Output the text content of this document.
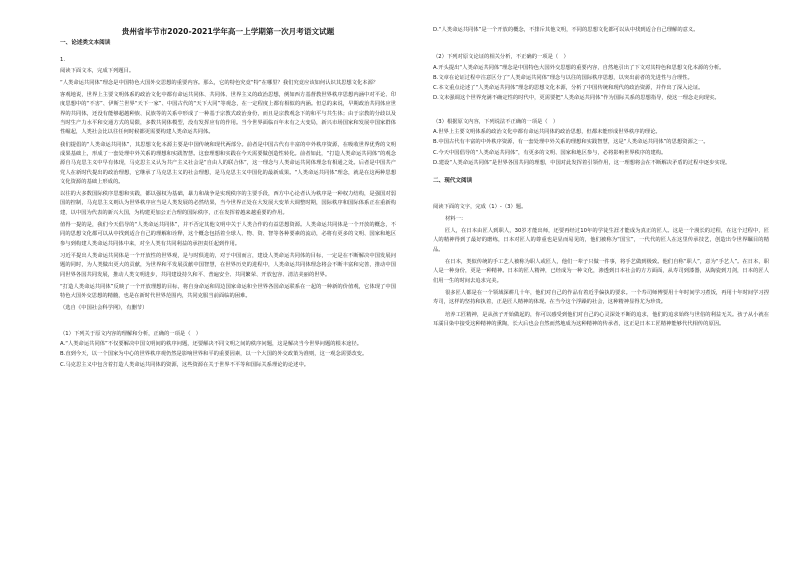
贵州省毕节市2020-2021学年高一上学期第一次月考语文试题
一、论述类文本阅读
1.
阅读下面文本，完成下列题目。
“人类命运共同体”理念是中国特色大国外交思想的重要内容。那么，它的特色究竟“特”在哪里？我们究竟应该如何认识其思想文化本源？
客观地说，世界上主要文明体系的政治文化中都有命运共同体、共同体、世界主义的政治思想，例如西方基督教世界秩序思想内涵中对平论、印度思想中的“不害”、伊斯兰世界“天下一家”、中国古代的“天下大同”等观念，在一定程度上都有相似的内涵。但总的来说，早期政治共同体应世界的共同体，还没有能够超越种族、民族等的关系中形成了一种基于宗教式政治身份，而且是宗教观念下的和平与共生体；由于宗教的分歧以及当时生产力水平和交通方式的局限，多数共同体模型，没有发挥应有的作用。当今世界面临百年未有之大变局，新兴市场国家和发展中国家群体性崛起，人类社会比以往任何时候都更需要构建人类命运共同体。
我们提倡的“人类命运共同体”，其思想文化本源主要是中国传统和现代两部分。前者是中国古代有丰富的中外秩序资源，在吸收世界优秀的文明成果基础上，形成了一套处理中外关系的理想和实践智慧。这套理想和实践在今天需要做创造性转化。前者如此，“打造人类命运共同体”的观念源自马克思主义中早有体现，马克思主义认为共产主义社会是“自由人的联合体”，这一理念与人类命运共同体理念有相通之处。后者是中国共产党人在新时代提出的政治理想，它继承了马克思主义的社会理想，是马克思主义中国化的最新成果。“人类命运共同体”理念，就是在这两种思想文化资源的基础上形成的。
以往的大多数国际秩序思想和实践，都以强权为基础，暴力和战争是实现秩序的主要手段，西方中心论者认为秩序是一种权力结构，是强国对弱国的控制，马克思主义则认为世界秩序应当是人类发展的必然结果，当今世界正处在大发展大变革大调整时期，国际秩序和国际体系正在重新构建，以中国为代表的新兴大国，为构建更加公正合理的国际秩序，正在发挥着越来越重要的作用。
值得一提的是，我们今天倡导的“人类命运共同体”，并不否定其他文明中关于人类合作的有益思想资源。人类命运共同体是一个开放的概念，不同的思想文化都可以从中找到适合自己的理解和诠释，这个概念包括着全球人、物、资、智等各种要素的流动，必将有更多的文明、国家和地区参与到构建人类命运共同体中来，对全人类有共同利益的承担责任起到作用。
习近平提出人类命运共同体是一个开放性的世界观，是与时俱进的，对于中国而言，建设人类命运共同体的目标，一定是在不断解决中国发展问题的同时，为人类做出更大的贡献，为世界和平发展贡献中国智慧，在世界历史的进程中，人类命运共同体理念将会不断丰富和完善，推动中国同世界各国共同发展，推动人类文明进步，共同建设持久和平、普遍安全、共同繁荣、开放包容、清洁美丽的世界。
“打造人类命运共同体”反映了一个开放理想的目标，将自身命运和周边国家命运和全世界各国命运联系在一起的一种新的价值观，它体现了中国特色大国外交思想的精髓，也是在新时代世界范围内，共同克服当前面临的困难。
（选自《中国社会科学网》，有删节）
（1）下列关于原文内容的理解和分析，正确的一项是（　）
A.“人类命运共同体”不仅要解决中国文明间的秩序问题，还要解决不同文明之间的秩序问题，这是解决当今世界问题的根本途径。
B.直到今天，以一个国家为中心的世界秩序观仍然是影响世界和平的重要因素，以一个大国的外交政策为准则，这一观念需要改变。
C.马克思主义中包含着打造人类命运共同体的资源，这些资源在关于世界不平等和国际关系理论的论述中。
D.“人类命运共同体”是一个开放的概念，不排斥其他文明，不同的思想文化都可以从中找到适合自己理解的意义。
（2）下列对原文论证的相关分析，不正确的一项是（　）
A.开头提出“人类命运共同体”理念是中国特色大国外交思想的重要内容，自然地引出了下文对其特色和思想文化本源的分析。
B.文章在论证过程中注意区分了“人类命运共同体”理念与以往的国际秩序思想，以突出前者的先进性与合理性。
C.本文重点论述了“人类命运共同体”理念的思想文化本源，分析了中国传统和现代的政治资源，并作出了深入论证。
D.文末强调这个世界充满不确定性的时代中，更需要把“人类命运共同体”作为国际关系的思想指导，使这一理念走向现实。
（3）根据原文内容，下列说法不正确的一项是（　）
A.世界上主要文明体系的政治文化中都有命运共同体的政治思想，但都未能形成世界秩序的理论。
B.中国古代有丰富的中外秩序资源，有一套处理中外关系的理想和实践智慧，这是“人类命运共同体”的思想资源之一。
C.今天中国倡导的“人类命运共同体”，有更多的文明、国家和地区参与，必将影响世界秩序的建构。
D.建设“人类命运共同体”是世界各国共同的理想，中国对此发挥着引领作用，这一理想将会在不断解决矛盾的过程中逐步实现。
二、现代文阅读
阅读下面的文字，完成（1）-（3）题。
材料一：
匠人，在日本由匠人到职人，30岁才能出师，还要再经过10年的学徒生涯才能成为真正的匠人。这是一个漫长的过程，在这个过程中，匠人的精神得到了最好的磨练，日本对匠人的尊重也是显而易见的，他们被称为“国宝”，一代代的匠人在这里传承技艺，创造出令世界瞩目的精品。
在日本，类似传统的手工艺人被称为职人或匠人，他们一辈子只做一件事，将手艺做到极致。他们自称“职人”，意为“手艺人”。在日本，职人是一种身份，更是一种精神。日本的匠人精神，已经成为一种文化，渗透到日本社会的方方面面，从寿司到漆器，从陶瓷到刀剑，日本的匠人们用一生的时间去追求完美。
很多匠人都是在一个领域深耕几十年，他们对自己的作品有着近乎偏执的要求。一个寿司师傅要用十年时间学习煮饭，再用十年时间学习捏寿司，这样的坚持和执着，正是匠人精神的体现。在当今这个浮躁的社会，这种精神显得尤为珍贵。
培养工匠精神，是从孩子开始做起的，你可以感受到他们对自己的心灵深处不断的追求，他们的追求始终与世俗的利益无关。孩子从小就在耳濡目染中接受这种精神的熏陶，长大后也会自然而然地成为这种精神的传承者，这正是日本工匠精神能够代代相传的原因。
